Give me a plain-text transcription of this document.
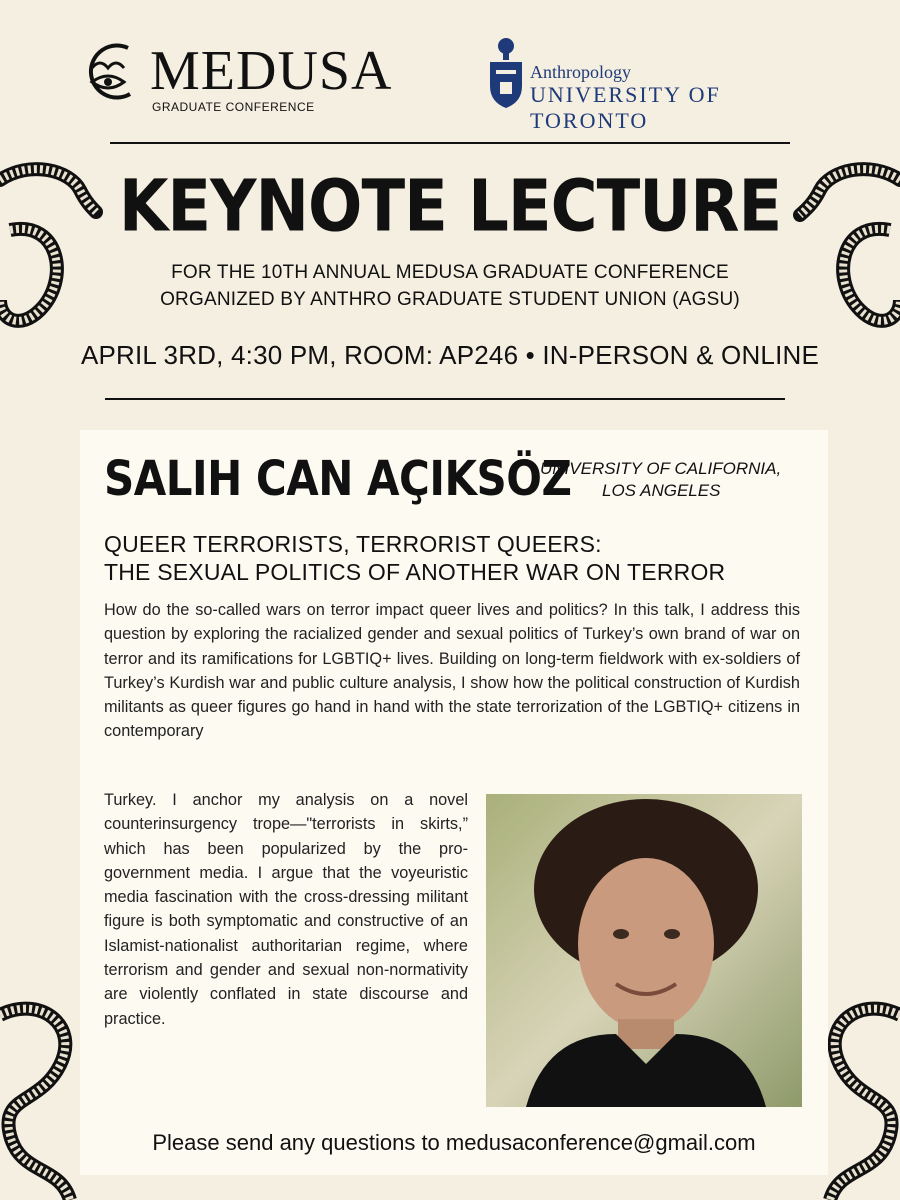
MEDUSA
GRADUATE CONFERENCE
Anthropology
UNIVERSITY OF TORONTO
KEYNOTE LECTURE
FOR THE 10TH ANNUAL MEDUSA GRADUATE CONFERENCE
ORGANIZED BY ANTHRO GRADUATE STUDENT UNION (AGSU)
APRIL 3RD, 4:30 PM, ROOM: AP246 • IN-PERSON & ONLINE
SALIH CAN AÇIKSÖZ
UNIVERSITY OF CALIFORNIA,
LOS ANGELES
QUEER TERRORISTS, TERRORIST QUEERS:
THE SEXUAL POLITICS OF ANOTHER WAR ON TERROR
How do the so-called wars on terror impact queer lives and politics? In this talk, I address this question by exploring the racialized gender and sexual politics of Turkey’s own brand of war on terror and its ramifications for LGBTIQ+ lives. Building on long-term fieldwork with ex-soldiers of Turkey’s Kurdish war and public culture analysis, I show how the political construction of Kurdish militants as queer figures go hand in hand with the state terrorization of the LGBTIQ+ citizens in contemporary
Turkey. I anchor my analysis on a novel counterinsurgency trope—"terrorists in skirts,” which has been popularized by the pro-government media. I argue that the voyeuristic media fascination with the cross-dressing militant figure is both symptomatic and constructive of an Islamist-nationalist authoritarian regime, where terrorism and gender and sexual non-normativity are violently conflated in state discourse and practice.
Please send any questions to medusaconference@gmail.com
